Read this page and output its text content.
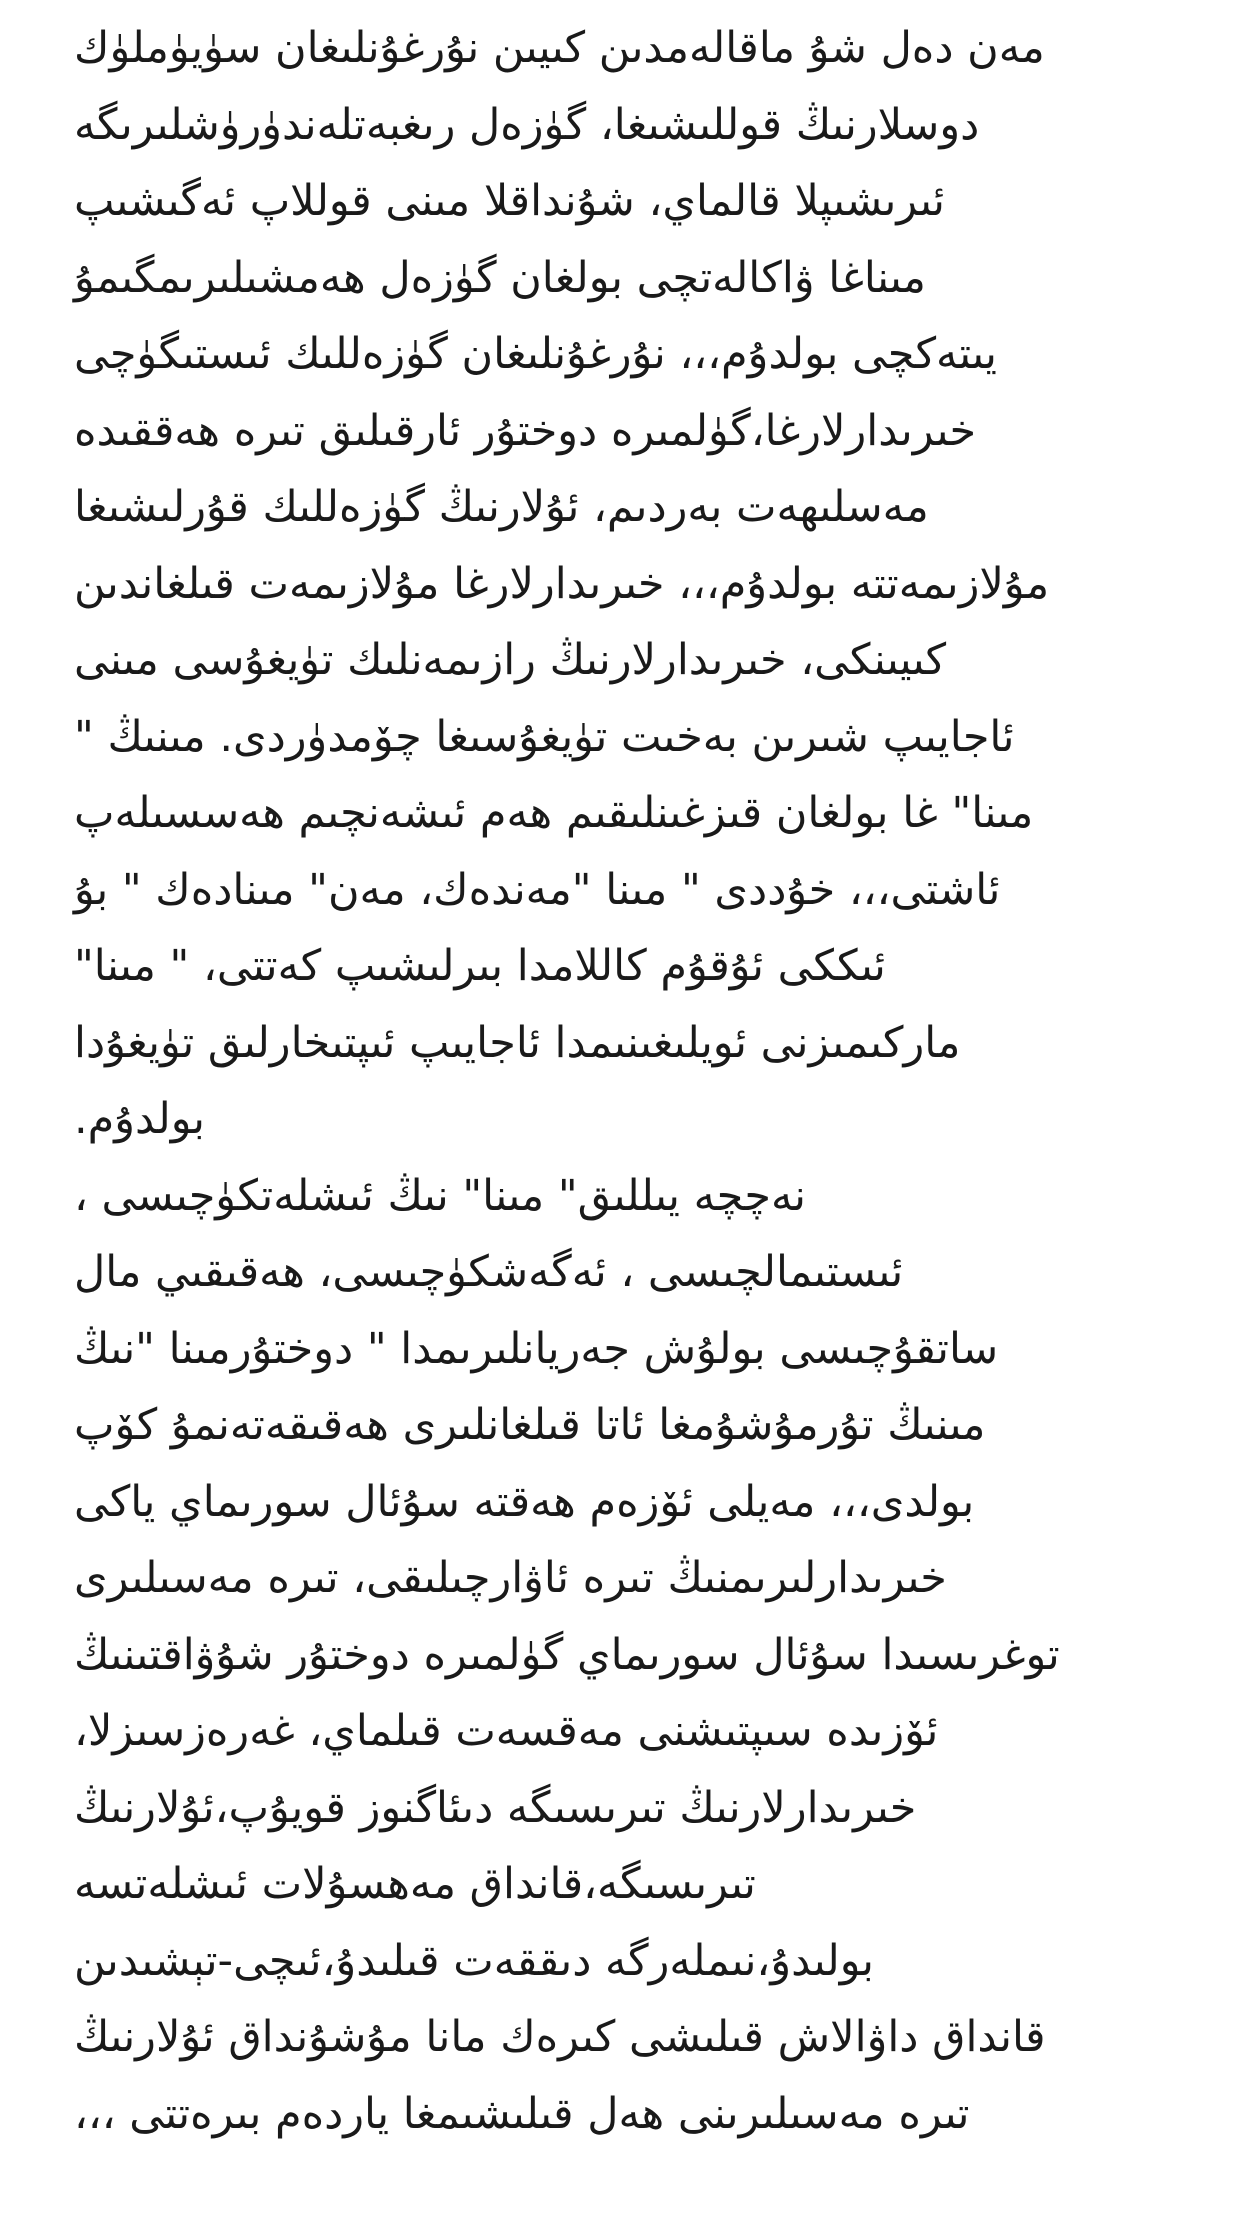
مەن دەل شۇ ماقالەمدىن كىيىن نۇرغۇنلىغان سۈيۈملۈك
دوسلارنىڭ قوللىشىغا، گۈزەل رىغبەتلەندۈرۈشلىرىگە
ئىرىشىپلا قالماي، شۇنداقلا مىنى قوللاپ ئەگىشىپ
مىناغا ۋاكالەتچى بولغان گۈزەل ھەمشىلىرىمگىمۇ
يىتەكچى بولدۇم،،، نۇرغۇنلىغان گۈزەللىك ئىستىگۈچى
خىرىدارلارغا،گۈلمىرە دوختۇر ئارقىلىق تىرە ھەققىدە
مەسلىھەت بەردىم، ئۇلارنىڭ گۈزەللىك قۇرلىشىغا
مۇلازىمەتتە بولدۇم،،، خىرىدارلارغا مۇلازىمەت قىلغاندىن
كىيىنكى، خىرىدارلارنىڭ رازىمەنلىك تۈيغۇسى مىنى
ئاجايىپ شىرىن بەخىت تۈيغۇسىغا چۆمدۈردى. مىنىڭ "
مىنا" غا بولغان قىزغىنلىقىم ھەم ئىشەنچىم ھەسسىلەپ
ئاشتى،،، خۇددى " مىنا "مەندەك، مەن" مىنادەك " بۇ
ئىككى ئۇقۇم كاللامدا بىرلىشىپ كەتتى، " مىنا"
ماركىمىزنى ئويلىغىنىمدا ئاجايىپ ئىپتىخارلىق تۈيغۇدا
بولدۇم.
نەچچە يىللىق" مىنا" نىڭ ئىشلەتكۈچىسى ،
ئىستىمالچىسى ، ئەگەشكۈچىسى، ھەقىقىي مال
ساتقۇچىسى بولۇش جەريانلىرىمدا " دوختۇرمىنا "نىڭ
مىنىڭ تۇرمۇشۇمغا ئاتا قىلغانلىرى ھەقىقەتەنمۇ كۆپ
بولدى،،، مەيلى ئۆزەم ھەقتە سۇئال سورىماي ياكى
خىرىدارلىرىمنىڭ تىرە ئاۋارچىلىقى، تىرە مەسىلىرى
توغرىسىدا سۇئال سورىماي گۈلمىرە دوختۇر شۇۋاقتىنىڭ
ئۆزىدە سىپتىشنى مەقسەت قىلماي، غەرەزسىزلا،
خىرىدارلارنىڭ تىرىسىگە دىئاگنوز قويۇپ،ئۇلارنىڭ
تىرىسىگە،قانداق مەھسۇلات ئىشلەتسە
بولىدۇ،نىملەرگە دىققەت قىلىدۇ،ئىچى-تېشىدىن
قانداق داۋالاش قىلىشى كىرەك مانا مۇشۇنداق ئۇلارنىڭ
تىرە مەسىلىرىنى ھەل قىلىشىمغا ياردەم بىرەتتى ،،،
